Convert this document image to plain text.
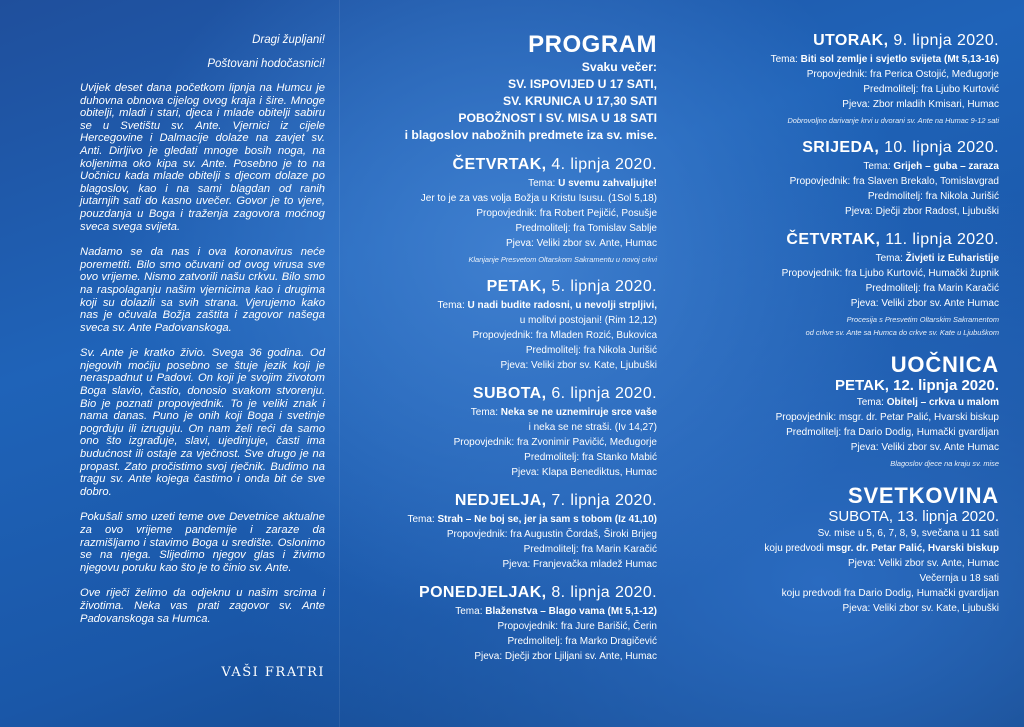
Dragi župljani!

Poštovani hodočasnici!

Uvijek deset dana početkom lipnja na Humcu je duhovna obnova cijelog ovog kraja i šire. Mnoge obitelji, mladi i stari, djeca i mlade obitelji sabiru se u Svetištu sv. Ante. Vjernici iz cijele Hercegovine i Dalmacije dolaze na zavjet sv. Anti. Dirljivo je gledati mnoge bosih noga, na koljenima oko kipa sv. Ante. Posebno je to na Uočnicu kada mlade obitelji s djecom dolaze po blagoslov, kao i na sami blagdan od ranih jutarnjih sati do kasno uvečer. Govor je to vjere, pouzdanja u Boga i traženja zagovora moćnog sveca svega svijeta.

Nadamo se da nas i ova koronavirus neće poremetiti. Bilo smo očuvani od ovog virusa sve ovo vrijeme. Nismo zatvorili našu crkvu. Bilo smo na raspolaganju našim vjernicima kao i drugima koji su dolazili sa svih strana. Vjerujemo kako nas je očuvala Božja zaštita i zagovor našega sveca sv. Ante Padovanskoga.

Sv. Ante je kratko živio. Svega 36 godina. Od njegovih moćiju posebno se štuje jezik koji je neraspadnut u Padovi. On koji je svojim životom Boga slavio, častio, donosio svakom stvorenju. Bio je poznati propovjednik. To je veliki znak i nama danas. Puno je onih koji Boga i svetinje pogrđuju ili izruguju. On nam želi reći da samo ono što izgrađuje, slavi, ujedinjuje, časti ima budućnost ili ostaje za vječnost. Sve drugo je na propast. Zato pročistimo svoj rječnik. Budimo na tragu sv. Ante kojega častimo i onda bit će sve dobro.

Pokušali smo uzeti teme ove Devetnice aktualne za ovo vrijeme pandemije i zaraze da razmišljamo i stavimo Boga u središte. Oslonimo se na njega. Slijedimo njegov glas i živimo njegovu poruku kao što je to činio sv. Ante.

Ove riječi želimo da odjeknu u našim srcima i životima. Neka vas prati zagovor sv. Ante Padovanskoga sa Humca.

VAŠI FRATRI
PROGRAM
Svaku večer:
SV. ISPOVIJED U 17 SATI,
SV. KRUNICA U 17,30 SATI
POBOŽNOST I SV. MISA U 18 SATI
i blagoslov nabožnih predmete iza sv. mise.
ČETVRTAK, 4. lipnja 2020.
Tema: U svemu zahvaljujte!
Jer to je za vas volja Božja u Kristu Isusu. (1Sol 5,18)
Propovjednik: fra Robert Pejičić, Posušje
Predmolitelj: fra Tomislav Sablje
Pjeva: Veliki zbor sv. Ante, Humac
Klanjanje Presvetom Oltarskom Sakramentu u novoj crkvi
PETAK, 5. lipnja 2020.
Tema: U nadi budite radosni, u nevolji strpljivi,
u molitvi postojani! (Rim 12,12)
Propovjednik: fra Mladen Rozić, Bukovica
Predmolitelj: fra Nikola Jurišić
Pjeva: Veliki zbor sv. Kate, Ljubuški
SUBOTA, 6. lipnja 2020.
Tema: Neka se ne uznemiruje srce vaše
i neka se ne straši. (Iv 14,27)
Propovjednik: fra Zvonimir Pavičić, Međugorje
Predmolitelj: fra Stanko Mabić
Pjeva: Klapa Benediktus, Humac
NEDJELJA, 7. lipnja 2020.
Tema: Strah – Ne boj se, jer ja sam s tobom (Iz 41,10)
Propovjednik: fra Augustin Čordaš, Široki Brijeg
Predmolitelj: fra Marin Karačić
Pjeva: Franjevačka mladež Humac
PONEDJELJAK, 8. lipnja 2020.
Tema: Blaženstva – Blago vama (Mt 5,1-12)
Propovjednik: fra Jure Barišić, Čerin
Predmolitelj: fra Marko Dragičević
Pjeva: Dječji zbor Ljiljani sv. Ante, Humac
UTORAK, 9. lipnja 2020.
Tema: Biti sol zemlje i svjetlo svijeta (Mt 5,13-16)
Propovjednik: fra Perica Ostojić, Međugorje
Predmolitelj: fra Ljubo Kurtović
Pjeva: Zbor mladih Kmisari, Humac
Dobrovoljno darivanje krvi u dvorani sv. Ante na Humac 9-12 sati
SRIJEDA, 10. lipnja 2020.
Tema: Grijeh – guba – zaraza
Propovjednik: fra Slaven Brekalo, Tomislavgrad
Predmolitelj: fra Nikola Jurišić
Pjeva: Dječji zbor Radost, Ljubuški
ČETVRTAK, 11. lipnja 2020.
Tema: Živjeti iz Euharistije
Propovjednik: fra Ljubo Kurtović, Humački župnik
Predmolitelj: fra Marin Karačić
Pjeva: Veliki zbor sv. Ante Humac
Procesija s Presvetim Oltarskim Sakramentom
od crkve sv. Ante sa Humca do crkve sv. Kate u Ljubuškom
UOČNICA
PETAK, 12. lipnja 2020.
Tema: Obitelj – crkva u malom
Propovjednik: msgr. dr. Petar Palić, Hvarski biskup
Predmolitelj: fra Dario Dodig, Humački gvardijan
Pjeva: Veliki zbor sv. Ante Humac
Blagoslov djece na kraju sv. mise
SVETKOVINA
SUBOTA, 13. lipnja 2020.
Sv. mise u 5, 6, 7, 8, 9, svečana u 11 sati
koju predvodi msgr. dr. Petar Palić, Hvarski biskup
Pjeva: Veliki zbor sv. Ante, Humac
Večernja u 18 sati
koju predvodi fra Dario Dodig, Humački gvardijan
Pjeva: Veliki zbor sv. Kate, Ljubuški
